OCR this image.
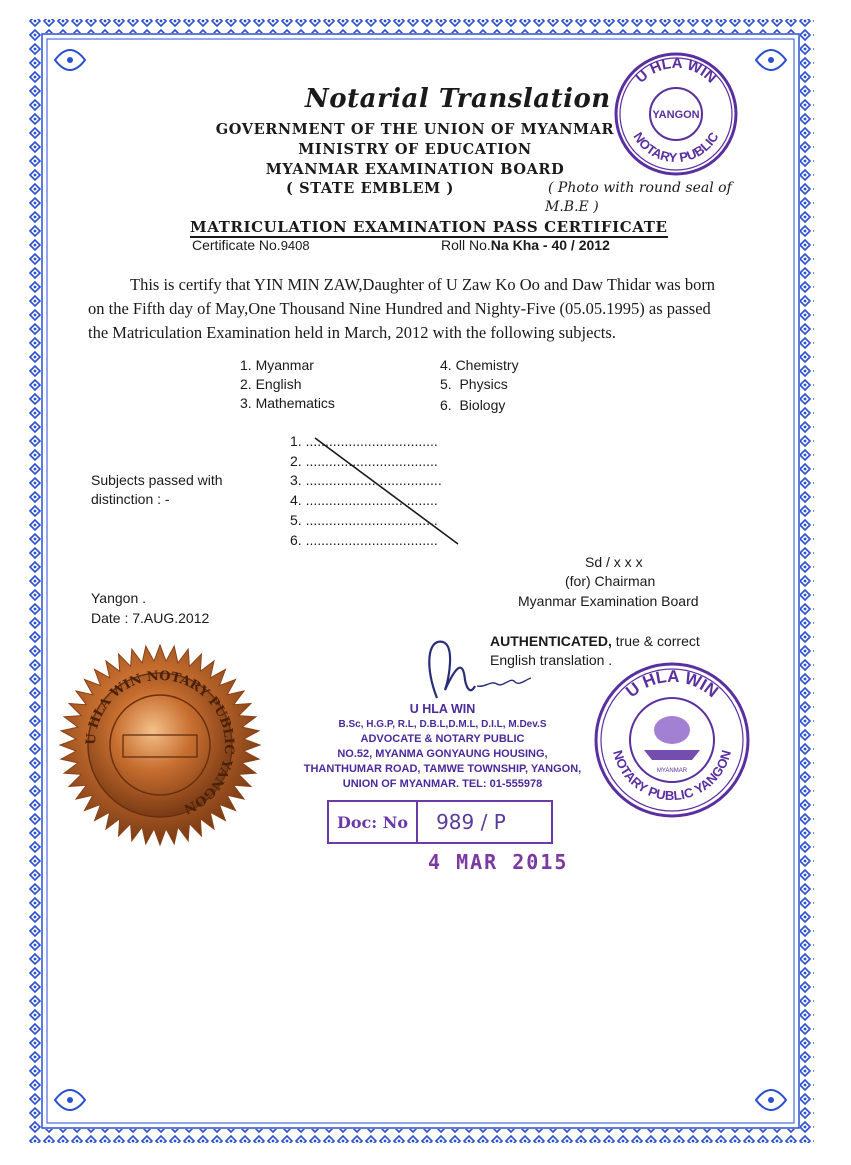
Notarial Translation
GOVERNMENT OF THE UNION OF MYANMAR
MINISTRY OF EDUCATION
MYANMAR EXAMINATION BOARD
( STATE EMBLEM )	( Photo with round seal of
M.B.E )
MATRICULATION EXAMINATION PASS CERTIFICATE
Certificate No.9408	Roll No.Na Kha - 40 / 2012
This is certify that YIN MIN ZAW,Daughter of U Zaw Ko Oo and Daw Thidar was born
on the Fifth day of May,One Thousand Nine Hundred and Nighty-Five (05.05.1995) as passed
the Matriculation Examination held in March, 2012 with the following subjects.
1. Myanmar
2. English
3. Mathematics
4. Chemistry
5.  Physics
6.  Biology
Subjects passed with
distinction : -
1. ..................................
2. ..................................
3. ...................................
4. ..................................
5. ..................................
6. ..................................
Sd / x x x
(for) Chairman
Myanmar Examination Board
Yangon .
Date : 7.AUG.2012
AUTHENTICATED, true & correct
English translation .
U HLA WIN
B.Sc, H.G.P, R.L, D.B.L,D.M.L, D.I.L, M.Dev.S
ADVOCATE & NOTARY PUBLIC
NO.52, MYANMA GONYAUNG HOUSING,
THANTHUMAR ROAD, TAMWE TOWNSHIP, YANGON,
UNION OF MYANMAR. TEL: 01-555978
Doc: No	989 / P
4 MAR 2015
U HLA WIN
NOTARY PUBLIC
YANGON
U HLA WIN
NOTARY PUBLIC YANGON
MYANMAR
U HLA WIN NOTARY PUBLIC YANGON
